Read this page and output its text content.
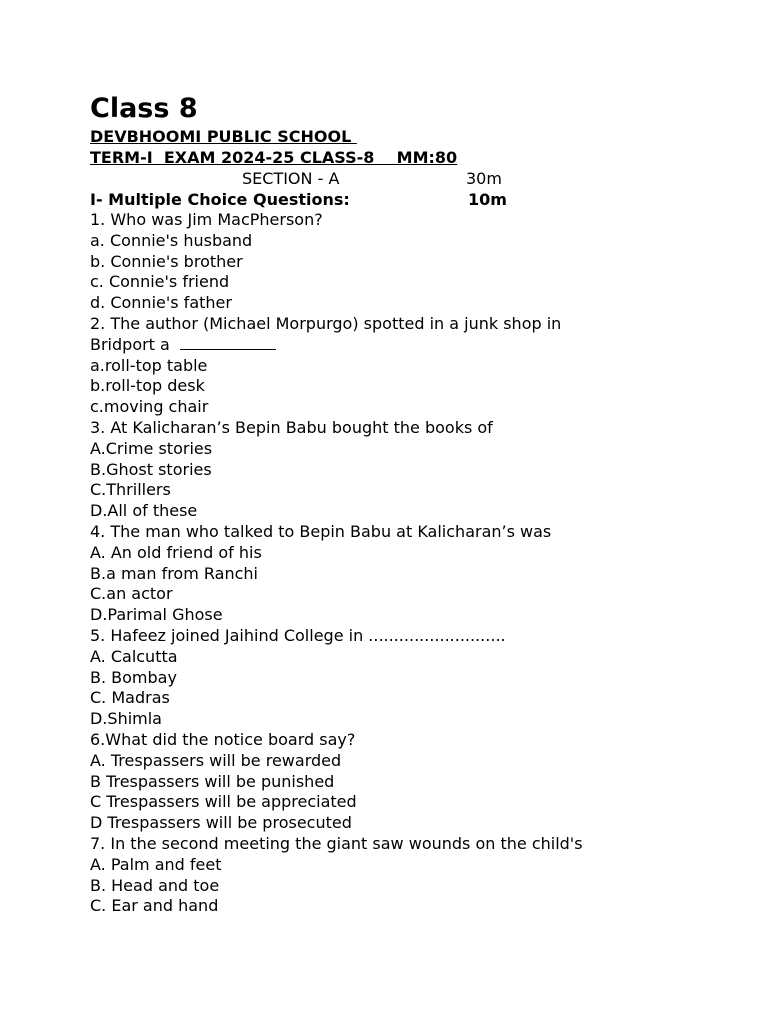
Class 8
DEVBHOOMI PUBLIC SCHOOL
TERM-I  EXAM 2024-25 CLASS-8    MM:80
SECTION - A	30m
I- Multiple Choice Questions:	10m
1. Who was Jim MacPherson?
a. Connie's husband
b. Connie's brother
c. Connie's friend
d. Connie's father
2. The author (Michael Morpurgo) spotted in a junk shop in
Bridport a
a.roll-top table
b.roll-top desk
c.moving chair
3. At Kalicharan’s Bepin Babu bought the books of
A.Crime stories
B.Ghost stories
C.Thrillers
D.All of these
4. The man who talked to Bepin Babu at Kalicharan’s was
A. An old friend of his
B.a man from Ranchi
C.an actor
D.Parimal Ghose
5. Hafeez joined Jaihind College in ...........................
A. Calcutta
B. Bombay
C. Madras
D.Shimla
6.What did the notice board say?
A. Trespassers will be rewarded
B Trespassers will be punished
C Trespassers will be appreciated
D Trespassers will be prosecuted
7. In the second meeting the giant saw wounds on the child's
A. Palm and feet
B. Head and toe
C. Ear and hand
